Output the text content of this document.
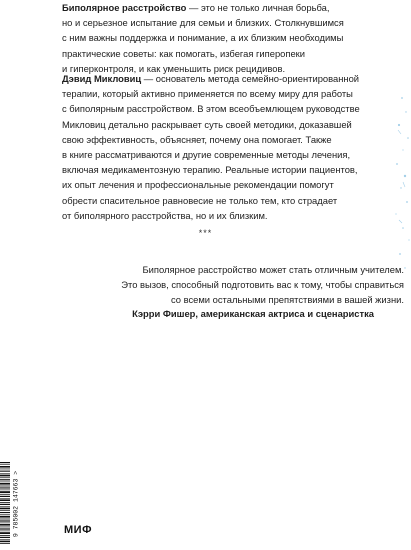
Биполярное расстройство — это не только личная борьба,
но и серьезное испытание для семьи и близких. Столкнувшимся
с ним важны поддержка и понимание, а их близким необходимы
практические советы: как помогать, избегая гиперопеки
и гиперконтроля, и как уменьшить риск рецидивов.
Дэвид Микловиц — основатель метода семейно-ориентированной
терапии, который активно применяется по всему миру для работы
с биполярным расстройством. В этом всеобъемлющем руководстве
Микловиц детально раскрывает суть своей методики, доказавшей
свою эффективность, объясняет, почему она помогает. Также
в книге рассматриваются и другие современные методы лечения,
включая медикаментозную терапию. Реальные истории пациентов,
их опыт лечения и профессиональные рекомендации помогут
обрести спасительное равновесие не только тем, кто страдает
от биполярного расстройства, но и их близким.
***
Биполярное расстройство может стать отличным учителем.
Это вызов, способный подготовить вас к тому, чтобы справиться
со всеми остальными препятствиями в вашей жизни.
Кэрри Фишер, американская актриса и сценаристка
9 785002 147663 >	МИФ
